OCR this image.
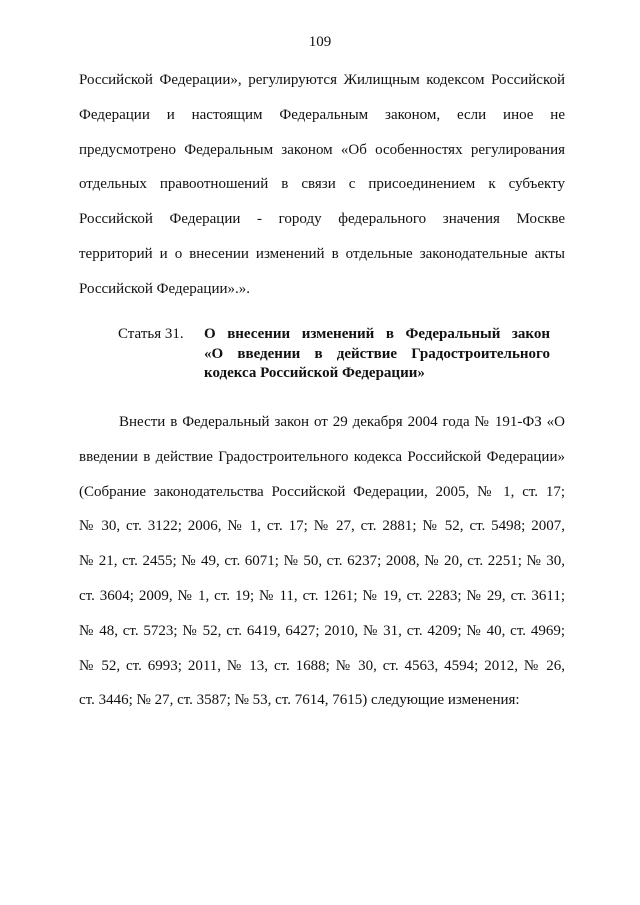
109
Российской Федерации», регулируются Жилищным кодексом Российской
Федерации и настоящим Федеральным законом, если иное не
предусмотрено Федеральным законом «Об особенностях регулирования
отдельных правоотношений в связи с присоединением к субъекту
Российской Федерации - городу федерального значения Москве
территорий и о внесении изменений в отдельные законодательные акты
Российской Федерации».».
Статья 31. О внесении изменений в Федеральный закон
«О введении в действие Градостроительного
кодекса Российской Федерации»
Внести в Федеральный закон от 29 декабря 2004 года № 191-ФЗ «О
введении в действие Градостроительного кодекса Российской Федерации»
(Собрание законодательства Российской Федерации, 2005, № 1, ст. 17;
№ 30, ст. 3122; 2006, № 1, ст. 17; № 27, ст. 2881; № 52, ст. 5498; 2007,
№ 21, ст. 2455; № 49, ст. 6071; № 50, ст. 6237; 2008, № 20, ст. 2251; № 30,
ст. 3604; 2009, № 1, ст. 19; № 11, ст. 1261; № 19, ст. 2283; № 29, ст. 3611;
№ 48, ст. 5723; № 52, ст. 6419, 6427; 2010, № 31, ст. 4209; № 40, ст. 4969;
№ 52, ст. 6993; 2011, № 13, ст. 1688; № 30, ст. 4563, 4594; 2012, № 26,
ст. 3446; № 27, ст. 3587; № 53, ст. 7614, 7615) следующие изменения:
